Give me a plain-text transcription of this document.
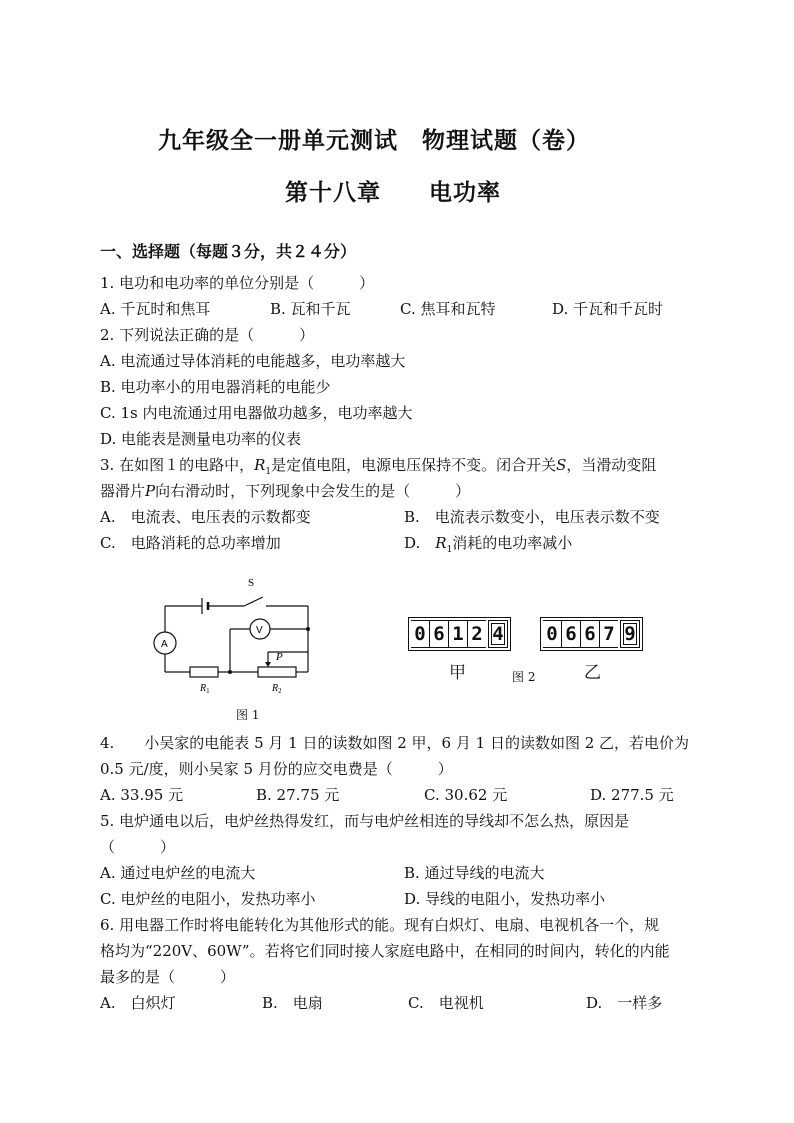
九年级全一册单元测试　物理试题（卷）
第十八章　　电功率
一、选择题（每题３分，共２４分）
1. 电功和电功率的单位分别是（　　　）
A. 千瓦时和焦耳	B. 瓦和千瓦	C. 焦耳和瓦特	D. 千瓦和千瓦时
2. 下列说法正确的是（　　　）
A. 电流通过导体消耗的电能越多，电功率越大
B. 电功率小的用电器消耗的电能少
C. 1s 内电流通过用电器做功越多，电功率越大
D. 电能表是测量电功率的仪表
3. 在如图１的电路中，$R_1$是定值电阻，电源电压保持不变。闭合开关S，当滑动变阻
器滑片P向右滑动时，下列现象中会发生的是（　　　）
A.　电流表、电压表的示数都变	B.　电流表示数变小，电压表示数不变
C.　电路消耗的总功率增加	D.　$R_1$消耗的电功率减小
S
A
V
P
$R_1$	$R_2$
图 1
0 6 1 2 4 0 6 6 7 9
甲	图 2	乙
4.　　小吴家的电能表 5 月 1 日的读数如图 2 甲，6 月 1 日的读数如图 2 乙，若电价为
0.5 元/度，则小吴家 5 月份的应交电费是（　　　）
A. 33.95 元	B. 27.75 元	C. 30.62 元	D. 277.5 元
5. 电炉通电以后，电炉丝热得发红，而与电炉丝相连的导线却不怎么热，原因是
（　　　）
A. 通过电炉丝的电流大	B. 通过导线的电流大
C. 电炉丝的电阻小，发热功率小	D. 导线的电阻小，发热功率小
6. 用电器工作时将电能转化为其他形式的能。现有白炽灯、电扇、电视机各一个，规
格均为“220V、60W”。若将它们同时接人家庭电路中，在相同的时间内，转化的内能
最多的是（　　　）
A.　白炽灯	B.　电扇	C.　电视机	D.　一样多
